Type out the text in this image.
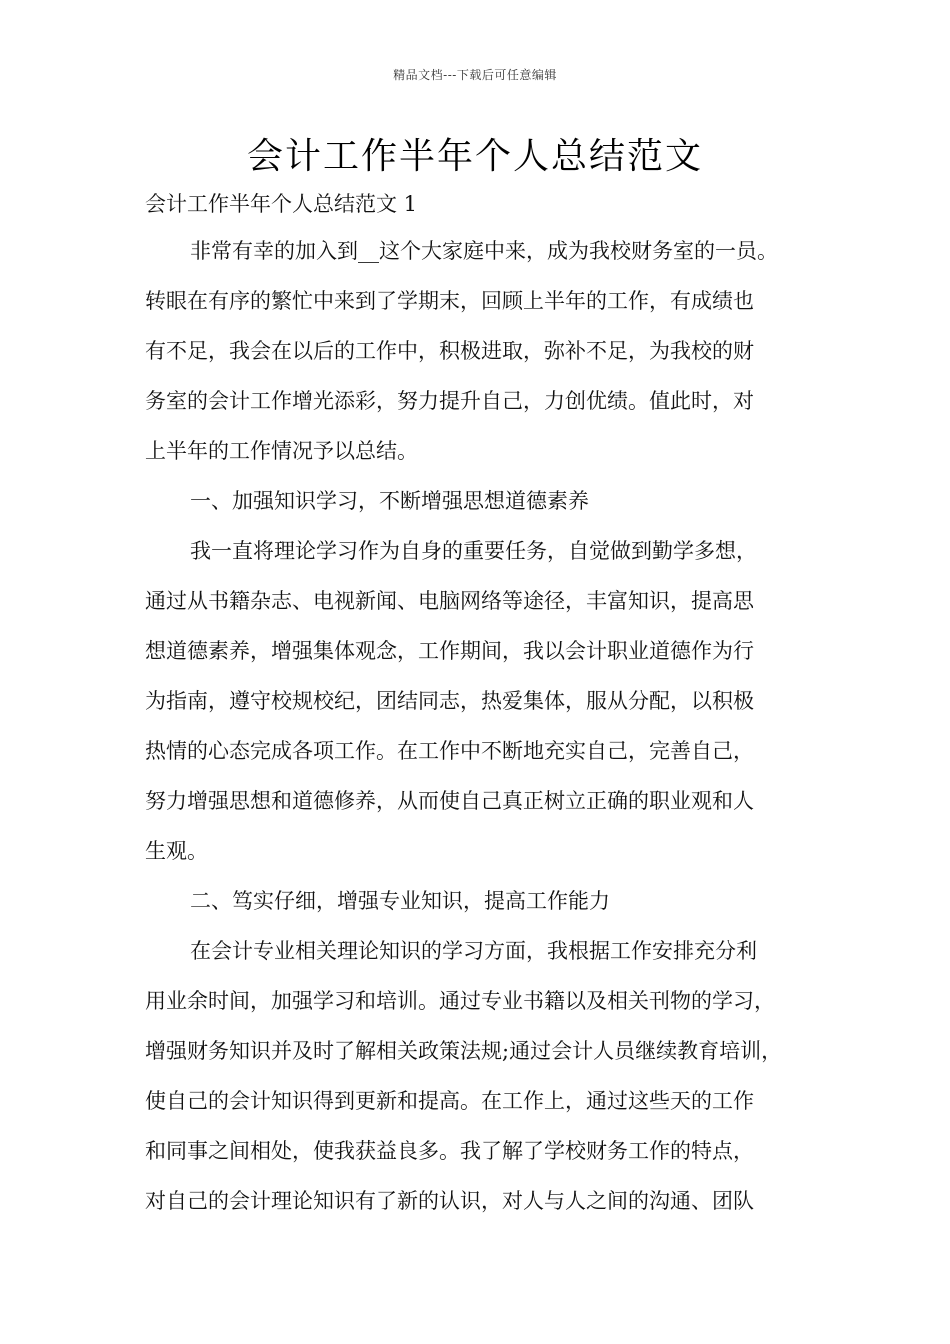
精品文档---下载后可任意编辑
会计工作半年个人总结范文

会计工作半年个人总结范文 1

非常有幸的加入到__这个大家庭中来，成为我校财务室的一员。

转眼在有序的繁忙中来到了学期末，回顾上半年的工作，有成绩也

有不足，我会在以后的工作中，积极进取，弥补不足，为我校的财

务室的会计工作增光添彩，努力提升自己，力创优绩。值此时，对

上半年的工作情况予以总结。

一、加强知识学习，不断增强思想道德素养

我一直将理论学习作为自身的重要任务，自觉做到勤学多想，

通过从书籍杂志、电视新闻、电脑网络等途径，丰富知识，提高思

想道德素养，增强集体观念，工作期间，我以会计职业道德作为行

为指南，遵守校规校纪，团结同志，热爱集体，服从分配，以积极

热情的心态完成各项工作。在工作中不断地充实自己，完善自己，

努力增强思想和道德修养，从而使自己真正树立正确的职业观和人

生观。

二、笃实仔细，增强专业知识，提高工作能力

在会计专业相关理论知识的学习方面，我根据工作安排充分利

用业余时间，加强学习和培训。通过专业书籍以及相关刊物的学习，

增强财务知识并及时了解相关政策法规;通过会计人员继续教育培训，

使自己的会计知识得到更新和提高。在工作上，通过这些天的工作

和同事之间相处，使我获益良多。我了解了学校财务工作的特点，

对自己的会计理论知识有了新的认识，对人与人之间的沟通、团队
